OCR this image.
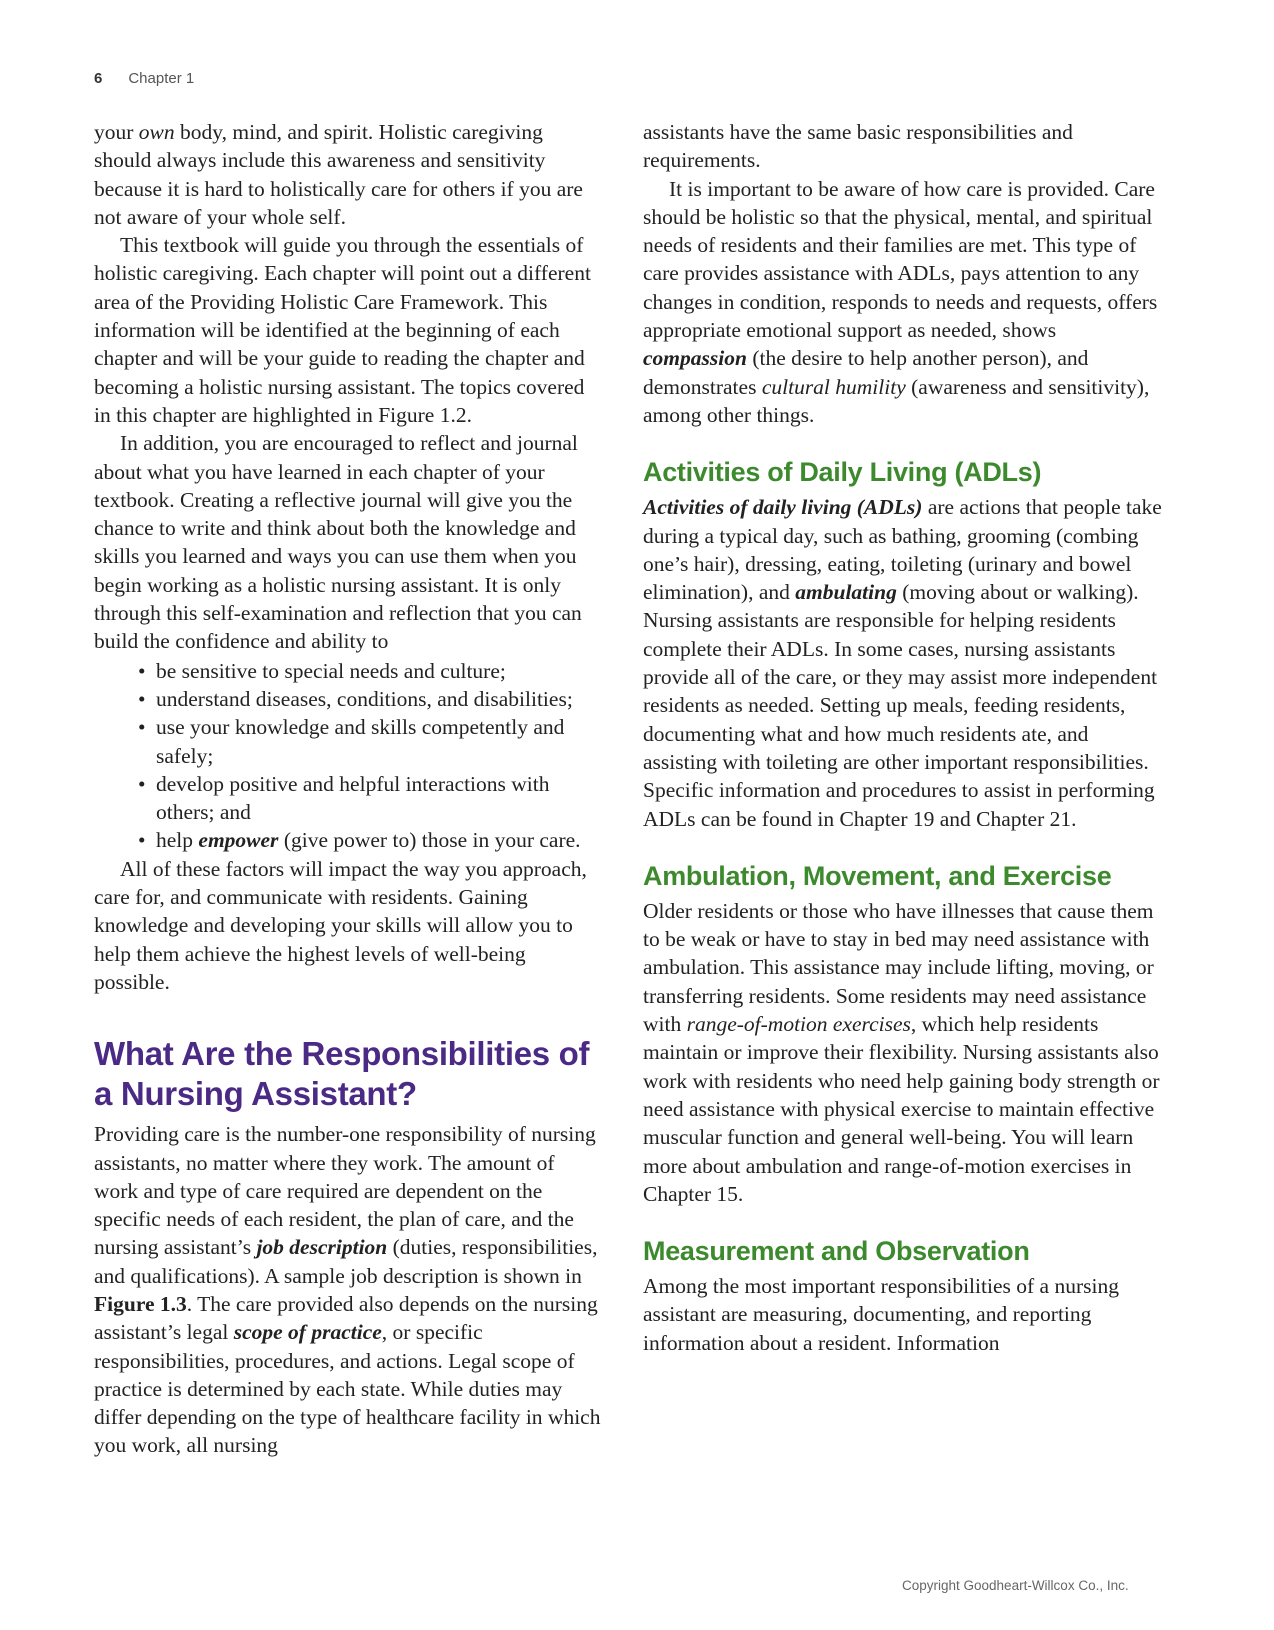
6 Chapter 1

your own body, mind, and spirit. Holistic caregiving should always include this awareness and sensitivity because it is hard to holistically care for others if you are not aware of your whole self.

This textbook will guide you through the essentials of holistic caregiving. Each chapter will point out a different area of the Providing Holistic Care Framework. This information will be identified at the beginning of each chapter and will be your guide to reading the chapter and becoming a holistic nursing assistant. The topics covered in this chapter are highlighted in Figure 1.2.

In addition, you are encouraged to reflect and journal about what you have learned in each chapter of your textbook. Creating a reflective journal will give you the chance to write and think about both the knowledge and skills you learned and ways you can use them when you begin working as a holistic nursing assistant. It is only through this self-examination and reflection that you can build the confidence and ability to

• be sensitive to special needs and culture;
• understand diseases, conditions, and disabilities;
• use your knowledge and skills competently and safely;
• develop positive and helpful interactions with others; and
• help empower (give power to) those in your care.

All of these factors will impact the way you approach, care for, and communicate with residents. Gaining knowledge and developing your skills will allow you to help them achieve the highest levels of well-being possible.

What Are the Responsibilities of a Nursing Assistant?

Providing care is the number-one responsibility of nursing assistants, no matter where they work. The amount of work and type of care required are dependent on the specific needs of each resident, the plan of care, and the nursing assistant’s job description (duties, responsibilities, and qualifications). A sample job description is shown in Figure 1.3. The care provided also depends on the nursing assistant’s legal scope of practice, or specific responsibilities, procedures, and actions. Legal scope of practice is determined by each state. While duties may differ depending on the type of healthcare facility in which you work, all nursing

assistants have the same basic responsibilities and requirements.

It is important to be aware of how care is provided. Care should be holistic so that the physical, mental, and spiritual needs of residents and their families are met. This type of care provides assistance with ADLs, pays attention to any changes in condition, responds to needs and requests, offers appropriate emotional support as needed, shows compassion (the desire to help another person), and demonstrates cultural humility (awareness and sensitivity), among other things.

Activities of Daily Living (ADLs)

Activities of daily living (ADLs) are actions that people take during a typical day, such as bathing, grooming (combing one’s hair), dressing, eating, toileting (urinary and bowel elimination), and ambulating (moving about or walking). Nursing assistants are responsible for helping residents complete their ADLs. In some cases, nursing assistants provide all of the care, or they may assist more independent residents as needed. Setting up meals, feeding residents, documenting what and how much residents ate, and assisting with toileting are other important responsibilities. Specific information and procedures to assist in performing ADLs can be found in Chapter 19 and Chapter 21.

Ambulation, Movement, and Exercise

Older residents or those who have illnesses that cause them to be weak or have to stay in bed may need assistance with ambulation. This assistance may include lifting, moving, or transferring residents. Some residents may need assistance with range-of-motion exercises, which help residents maintain or improve their flexibility. Nursing assistants also work with residents who need help gaining body strength or need assistance with physical exercise to maintain effective muscular function and general well-being. You will learn more about ambulation and range-of-motion exercises in Chapter 15.

Measurement and Observation

Among the most important responsibilities of a nursing assistant are measuring, documenting, and reporting information about a resident. Information

Copyright Goodheart-Willcox Co., Inc.
